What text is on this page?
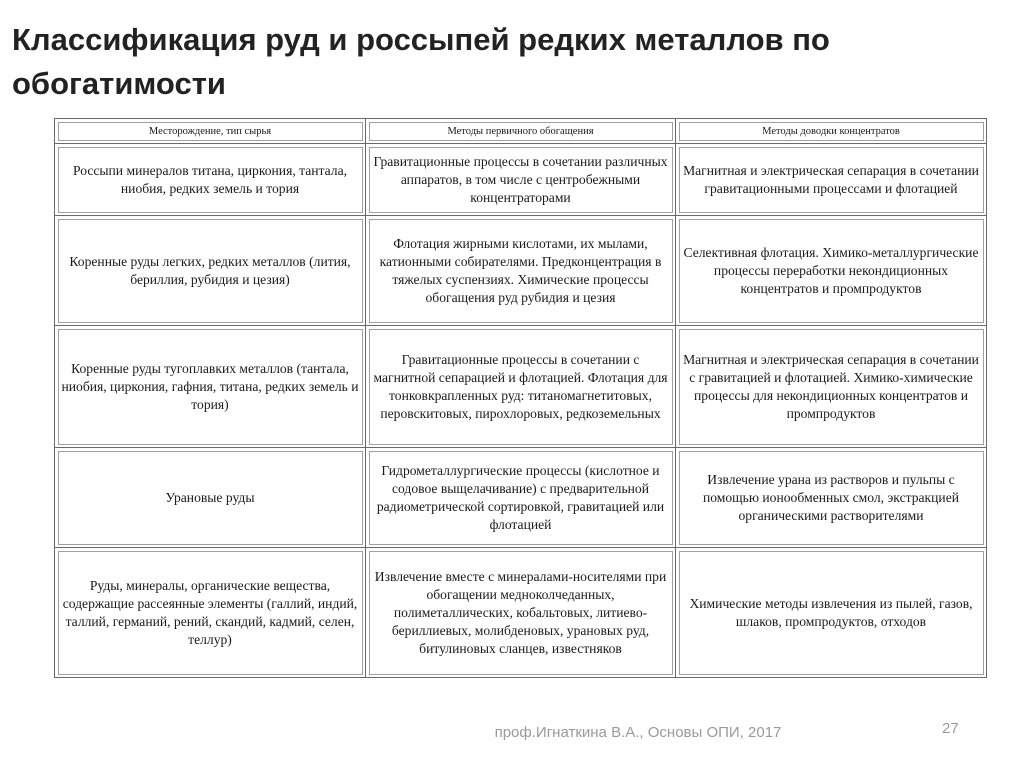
Классификация руд и россыпей редких металлов по обогатимости
Месторождение, тип сырья	Методы первичного обогащения	Методы доводки концентратов
Россыпи минералов титана, циркония, тантала, ниобия, редких земель и тория	Гравитационные процессы в сочетании различных аппаратов, в том числе с центробежными концентраторами	Магнитная и электрическая сепарация в сочетании гравитационными процессами и флотацией
Коренные руды легких, редких металлов (лития, бериллия, рубидия и цезия)	Флотация жирными кислотами, их мылами, катионными собирателями. Предконцентрация в тяжелых суспензиях. Химические процессы обогащения руд рубидия и цезия	Селективная флотация. Химико-металлургические процессы переработки некондиционных концентратов и промпродуктов
Коренные руды тугоплавких металлов (тантала, ниобия, циркония, гафния, титана, редких земель и тория)	Гравитационные процессы в сочетании с магнитной сепарацией и флотацией. Флотация для тонковкрапленных руд: титаномагнетитовых, перовскитовых, пирохлоровых, редкоземельных	Магнитная и электрическая сепарация в сочетании с гравитацией и флотацией. Химико-химические процессы для некондиционных концентратов и промпродуктов
Урановые руды	Гидрометаллургические процессы (кислотное и содовое выщелачивание) с предварительной радиометрической сортировкой, гравитацией или флотацией	Извлечение урана из растворов и пульпы с помощью ионообменных смол, экстракцией органическими растворителями
Руды, минералы, органические вещества, содержащие рассеянные элементы (галлий, индий, таллий, германий, рений, скандий, кадмий, селен, теллур)	Извлечение вместе с минералами-носителями при обогащении медноколчеданных, полиметаллических, кобальтовых, литиево-бериллиевых, молибденовых, урановых руд, битулиновых сланцев, известняков	Химические методы извлечения из пылей, газов, шлаков, промпродуктов, отходов
проф.Игнаткина В.А., Основы ОПИ, 2017	27
